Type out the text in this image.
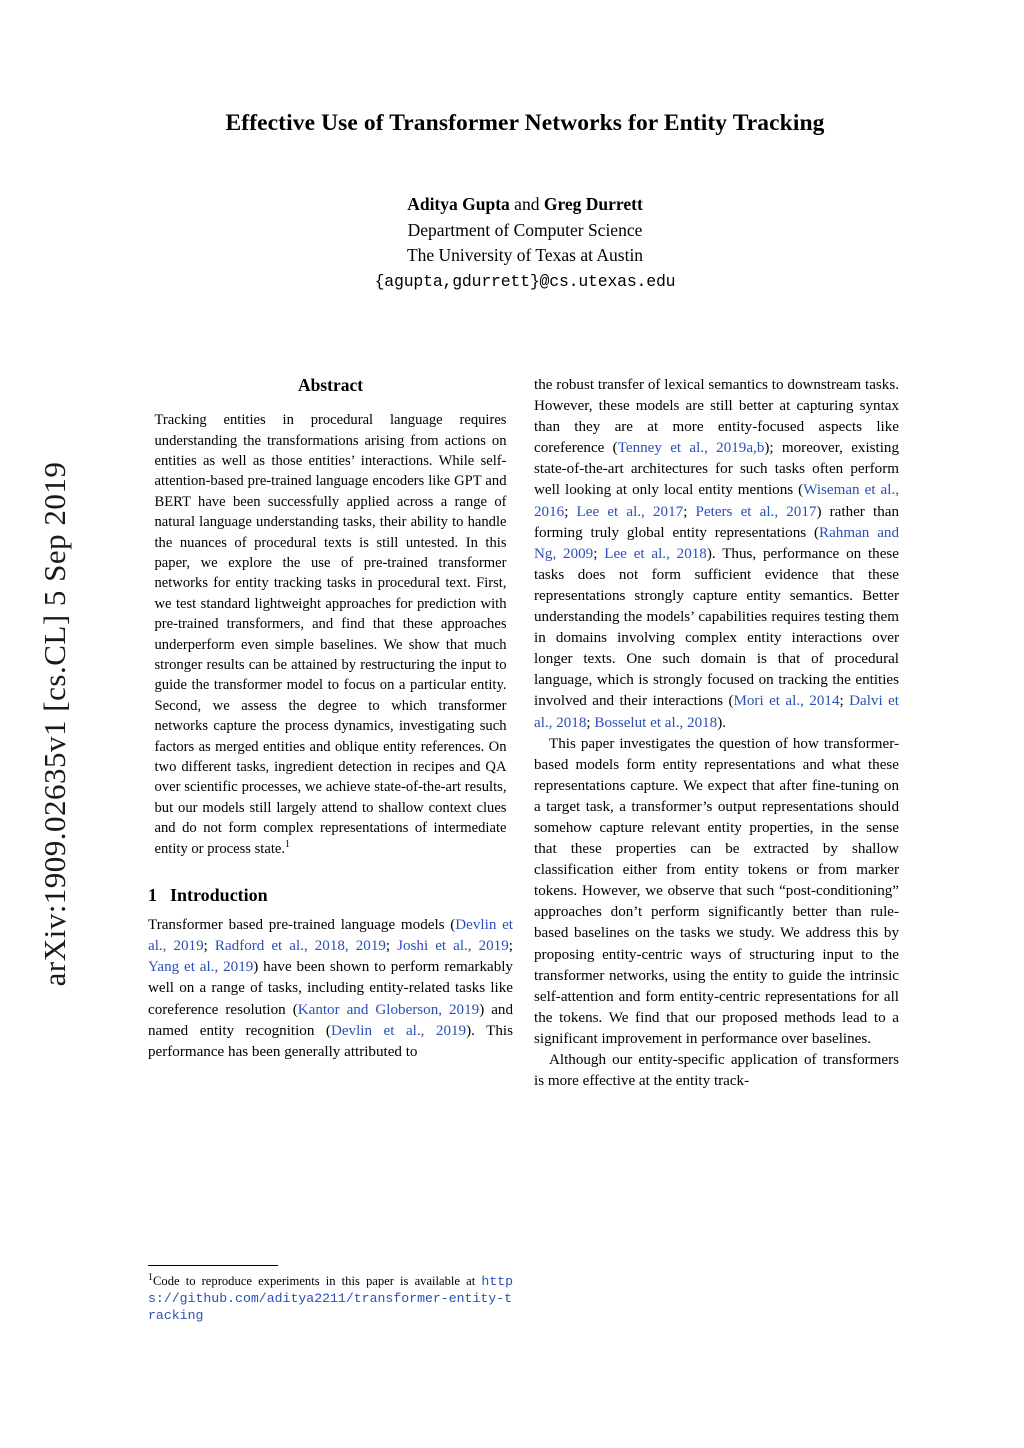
arXiv:1909.02635v1 [cs.CL] 5 Sep 2019
Effective Use of Transformer Networks for Entity Tracking
Aditya Gupta and Greg Durrett
Department of Computer Science
The University of Texas at Austin
{agupta,gdurrett}@cs.utexas.edu
Abstract
Tracking entities in procedural language requires understanding the transformations arising from actions on entities as well as those entities’ interactions. While self-attention-based pre-trained language encoders like GPT and BERT have been successfully applied across a range of natural language understanding tasks, their ability to handle the nuances of procedural texts is still untested. In this paper, we explore the use of pre-trained transformer networks for entity tracking tasks in procedural text. First, we test standard lightweight approaches for prediction with pre-trained transformers, and find that these approaches underperform even simple baselines. We show that much stronger results can be attained by restructuring the input to guide the transformer model to focus on a particular entity. Second, we assess the degree to which transformer networks capture the process dynamics, investigating such factors as merged entities and oblique entity references. On two different tasks, ingredient detection in recipes and QA over scientific processes, we achieve state-of-the-art results, but our models still largely attend to shallow context clues and do not form complex representations of intermediate entity or process state.$^1$
1 Introduction

Transformer based pre-trained language models (Devlin et al., 2019; Radford et al., 2018, 2019; Joshi et al., 2019; Yang et al., 2019) have been shown to perform remarkably well on a range of tasks, including entity-related tasks like coreference resolution (Kantor and Globerson, 2019) and named entity recognition (Devlin et al., 2019). This performance has been generally attributed to

$^1$Code to reproduce experiments in this paper is available at https://github.com/aditya2211/transformer-entity-tracking

the robust transfer of lexical semantics to downstream tasks. However, these models are still better at capturing syntax than they are at more entity-focused aspects like coreference (Tenney et al., 2019a,b); moreover, existing state-of-the-art architectures for such tasks often perform well looking at only local entity mentions (Wiseman et al., 2016; Lee et al., 2017; Peters et al., 2017) rather than forming truly global entity representations (Rahman and Ng, 2009; Lee et al., 2018). Thus, performance on these tasks does not form sufficient evidence that these representations strongly capture entity semantics. Better understanding the models’ capabilities requires testing them in domains involving complex entity interactions over longer texts. One such domain is that of procedural language, which is strongly focused on tracking the entities involved and their interactions (Mori et al., 2014; Dalvi et al., 2018; Bosselut et al., 2018).

This paper investigates the question of how transformer-based models form entity representations and what these representations capture. We expect that after fine-tuning on a target task, a transformer’s output representations should somehow capture relevant entity properties, in the sense that these properties can be extracted by shallow classification either from entity tokens or from marker tokens. However, we observe that such “post-conditioning” approaches don’t perform significantly better than rule-based baselines on the tasks we study. We address this by proposing entity-centric ways of structuring input to the transformer networks, using the entity to guide the intrinsic self-attention and form entity-centric representations for all the tokens. We find that our proposed methods lead to a significant improvement in performance over baselines.

Although our entity-specific application of transformers is more effective at the entity track-
